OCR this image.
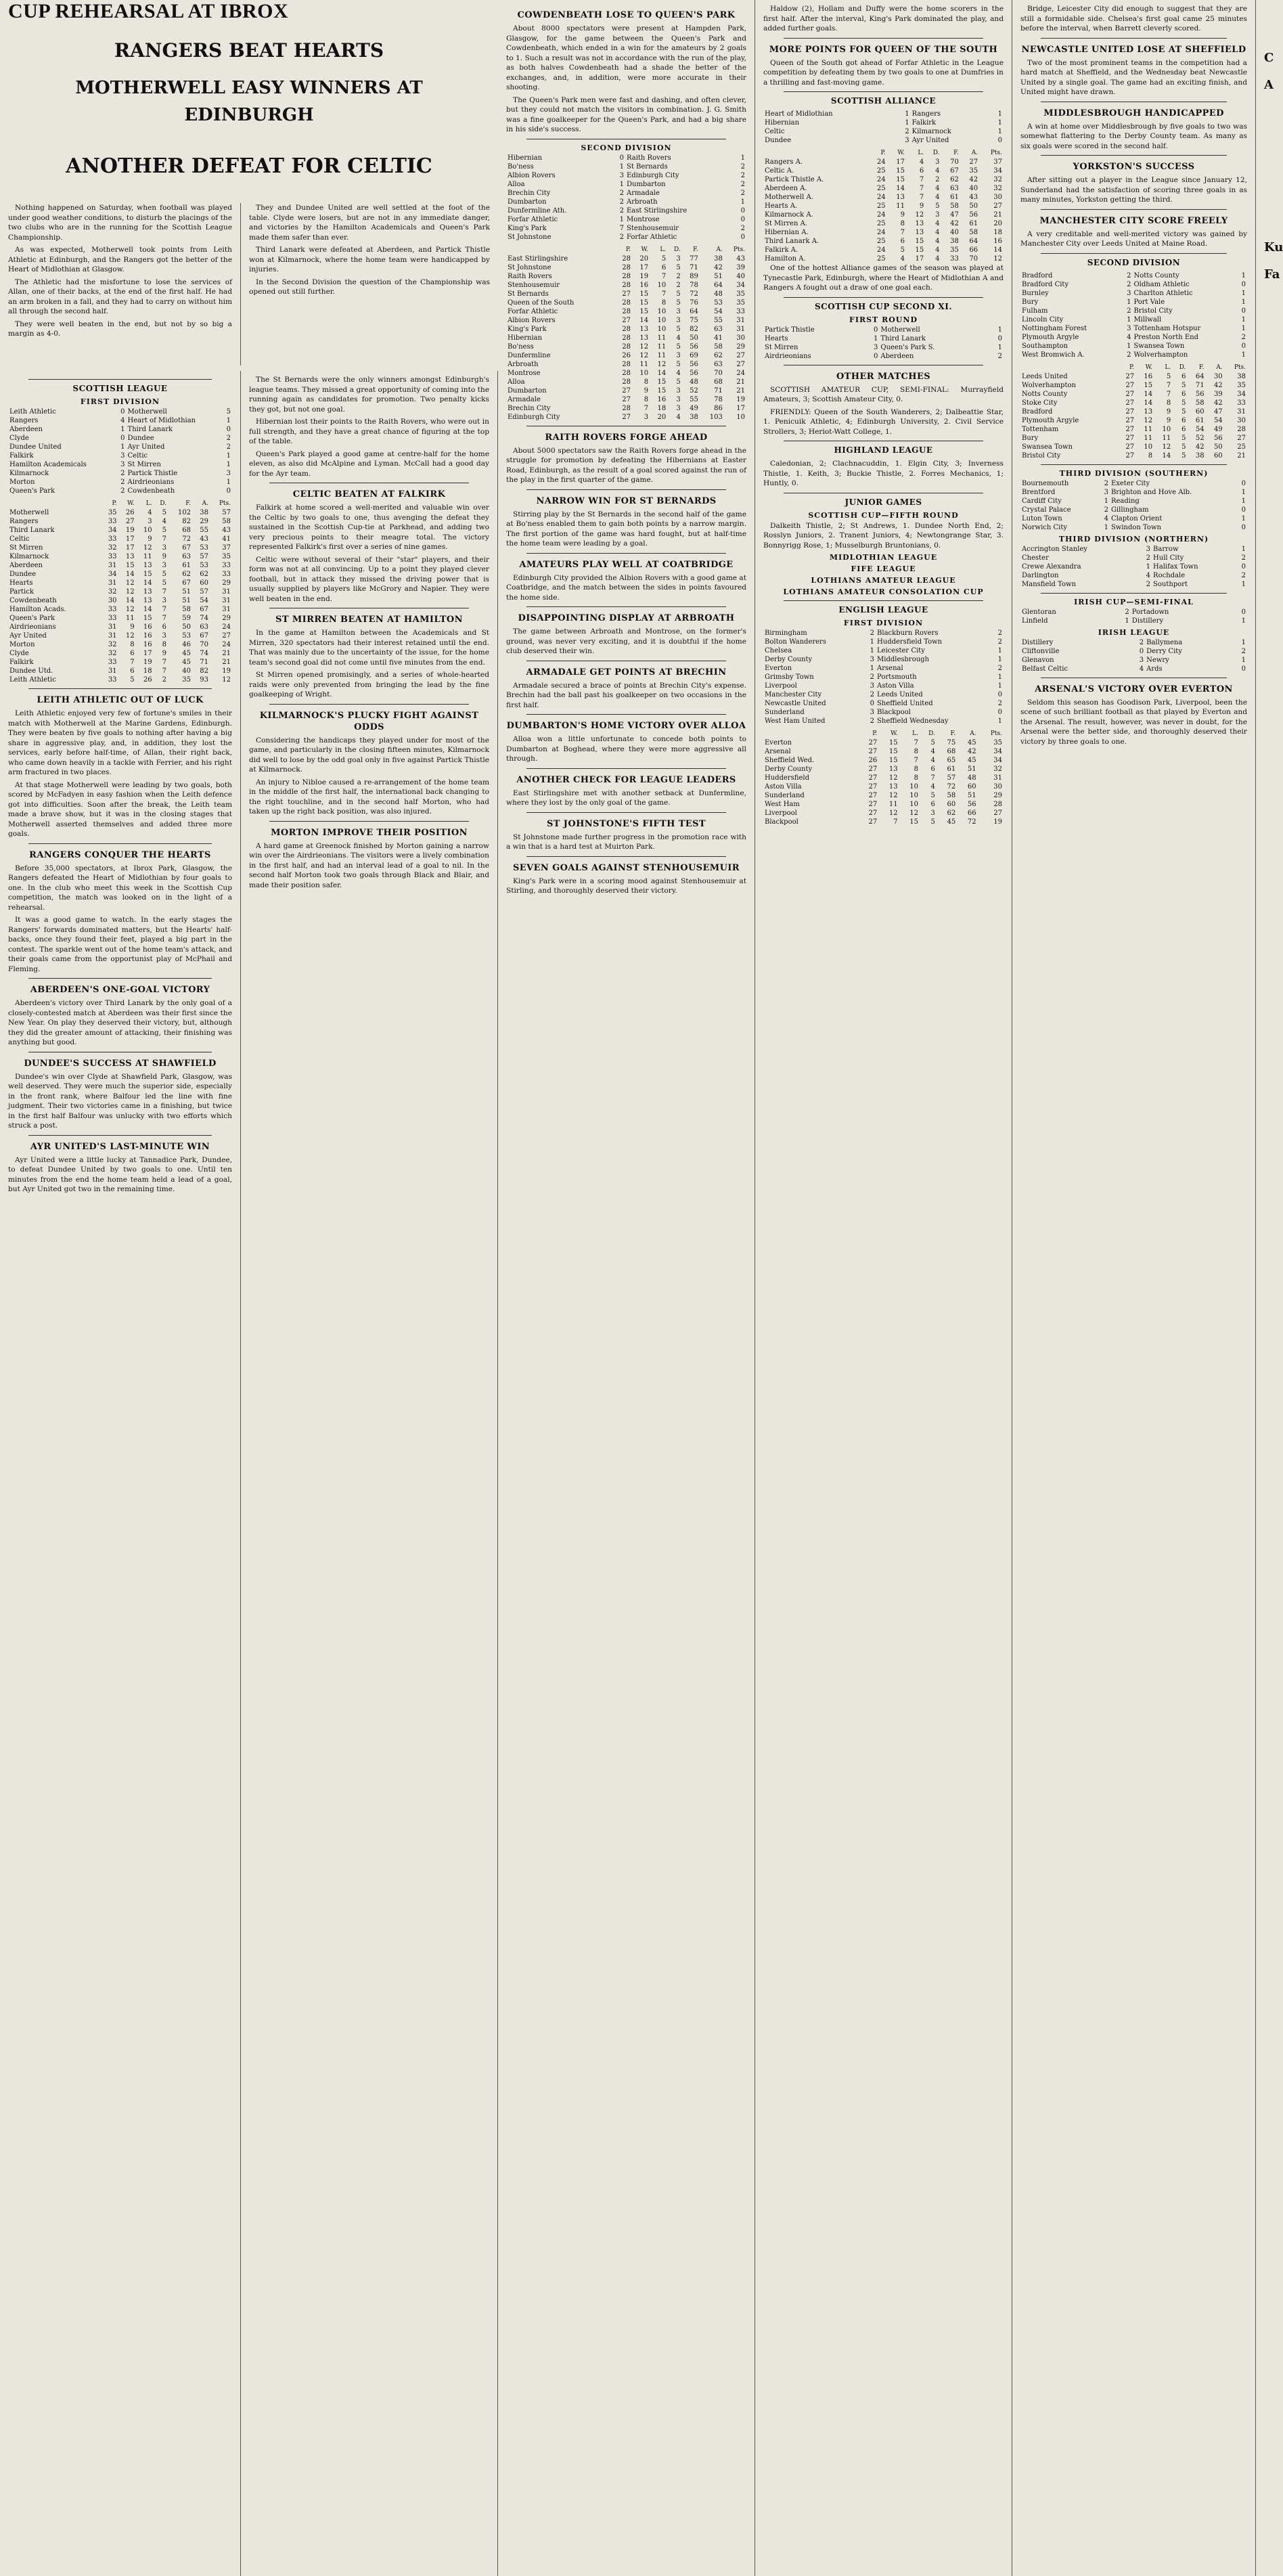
CUP REHEARSAL AT IBROX
RANGERS BEAT HEARTS
MOTHERWELL EASY WINNERS AT EDINBURGH
ANOTHER DEFEAT FOR CELTIC

Nothing happened on Saturday, when football was played under good weather conditions, to disturb the placings of the two clubs who are in the running for the Scottish League Championship.

As was expected, Motherwell took points from Leith Athletic at Edinburgh, and the Rangers got the better of the Heart of Midlothian at Glasgow.

The Athletic had the misfortune to lose the services of Allan, one of their backs, at the end of the first half. He had an arm broken in a fall, and they had to carry on without him all through the second half.

They were well beaten in the end, but not by so big a margin as 4-0.

They and Dundee United are well settled at the foot of the table. Clyde were losers, but are not in any immediate danger, and victories by the Hamilton Academicals and Queen's Park made them safer than ever.

Third Lanark were defeated at Aberdeen, and Partick Thistle won at Kilmarnock, where the home team were handicapped by injuries.

In the Second Division the question of the Championship was opened out still further.

SCOTTISH LEAGUE
FIRST DIVISION
Leith Athletic	0	Motherwell	5
Rangers	4	Heart of Midlothian	1
Aberdeen	1	Third Lanark	0
Clyde	0	Dundee	2
Dundee United	1	Ayr United	2
Falkirk	3	Celtic	1
Hamilton Academicals	3	St Mirren	1
Kilmarnock	2	Partick Thistle	3
Morton	2	Airdrieonians	1
Queen's Park	2	Cowdenbeath	0
	P.	W.	L.	D.	F.	A.	Pts.
Motherwell	35	26	4	5	102	38	57
Rangers	33	27	3	4	82	29	58
Third Lanark	34	19	10	5	68	55	43
Celtic	33	17	9	7	72	43	41
St Mirren	32	17	12	3	67	53	37
Kilmarnock	33	13	11	9	63	57	35
Aberdeen	31	15	13	3	61	53	33
Dundee	34	14	15	5	62	62	33
Hearts	31	12	14	5	67	60	29
Partick	32	12	13	7	51	57	31
Cowdenbeath	30	14	13	3	51	54	31
Hamilton Acads.	33	12	14	7	58	67	31
Queen's Park	33	11	15	7	59	74	29
Airdrieonians	31	9	16	6	50	63	24
Ayr United	31	12	16	3	53	67	27
Morton	32	8	16	8	46	70	24
Clyde	32	6	17	9	45	74	21
Falkirk	33	7	19	7	45	71	21
Dundee Utd.	31	6	18	7	40	82	19
Leith Athletic	33	5	26	2	35	93	12
LEITH ATHLETIC OUT OF LUCK

Leith Athletic enjoyed very few of fortune's smiles in their match with Motherwell at the Marine Gardens, Edinburgh. They were beaten by five goals to nothing after having a big share in aggressive play, and, in addition, they lost the services, early before half-time, of Allan, their right back, who came down heavily in a tackle with Ferrier, and his right arm fractured in two places.

At that stage Motherwell were leading by two goals, both scored by McFadyen in easy fashion when the Leith defence got into difficulties. Soon after the break, the Leith team made a brave show, but it was in the closing stages that Motherwell asserted themselves and added three more goals.

RANGERS CONQUER THE HEARTS

Before 35,000 spectators, at Ibrox Park, Glasgow, the Rangers defeated the Heart of Midlothian by four goals to one. In the club who meet this week in the Scottish Cup competition, the match was looked on in the light of a rehearsal.

It was a good game to watch. In the early stages the Rangers' forwards dominated matters, but the Hearts' half-backs, once they found their feet, played a big part in the contest. The sparkle went out of the home team's attack, and their goals came from the opportunist play of McPhail and Fleming.

ABERDEEN'S ONE-GOAL VICTORY

Aberdeen's victory over Third Lanark by the only goal of a closely-contested match at Aberdeen was their first since the New Year. On play they deserved their victory, but, although they did the greater amount of attacking, their finishing was anything but good.

DUNDEE'S SUCCESS AT SHAWFIELD

Dundee's win over Clyde at Shawfield Park, Glasgow, was well deserved. They were much the superior side, especially in the front rank, where Balfour led the line with fine judgment. Their two victories came in a finishing, but twice in the first half Balfour was unlucky with two efforts which struck a post.

AYR UNITED'S LAST-MINUTE WIN

Ayr United were a little lucky at Tannadice Park, Dundee, to defeat Dundee United by two goals to one. Until ten minutes from the end the home team held a lead of a goal, but Ayr United got two in the remaining time.

The St Bernards were the only winners amongst Edinburgh's league teams. They missed a great opportunity of coming into the running again as candidates for promotion. Two penalty kicks they got, but not one goal.

Hibernian lost their points to the Raith Rovers, who were out in full strength, and they have a great chance of figuring at the top of the table.

Queen's Park played a good game at centre-half for the home eleven, as also did McAlpine and Lyman. McCall had a good day for the Ayr team.

CELTIC BEATEN AT FALKIRK

Falkirk at home scored a well-merited and valuable win over the Celtic by two goals to one, thus avenging the defeat they sustained in the Scottish Cup-tie at Parkhead, and adding two very precious points to their meagre total. The victory represented Falkirk's first over a series of nine games.

Celtic were without several of their "star" players, and their form was not at all convincing. Up to a point they played clever football, but in attack they missed the driving power that is usually supplied by players like McGrory and Napier. They were well beaten in the end.

ST MIRREN BEATEN AT HAMILTON

In the game at Hamilton between the Academicals and St Mirren, 320 spectators had their interest retained until the end. That was mainly due to the uncertainty of the issue, for the home team's second goal did not come until five minutes from the end.

St Mirren opened promisingly, and a series of whole-hearted raids were only prevented from bringing the lead by the fine goalkeeping of Wright.

KILMARNOCK'S PLUCKY FIGHT AGAINST ODDS

Considering the handicaps they played under for most of the game, and particularly in the closing fifteen minutes, Kilmarnock did well to lose by the odd goal only in five against Partick Thistle at Kilmarnock.

An injury to Nibloe caused a re-arrangement of the home team in the middle of the first half, the international back changing to the right touchline, and in the second half Morton, who had taken up the right back position, was also injured.

MORTON IMPROVE THEIR POSITION

A hard game at Greenock finished by Morton gaining a narrow win over the Airdrieonians. The visitors were a lively combination in the first half, and had an interval lead of a goal to nil. In the second half Morton took two goals through Black and Blair, and made their position safer.

COWDENBEATH LOSE TO QUEEN'S PARK

About 8000 spectators were present at Hampden Park, Glasgow, for the game between the Queen's Park and Cowdenbeath, which ended in a win for the amateurs by 2 goals to 1. Such a result was not in accordance with the run of the play, as both halves Cowdenbeath had a shade the better of the exchanges, and, in addition, were more accurate in their shooting.

The Queen's Park men were fast and dashing, and often clever, but they could not match the visitors in combination. J. G. Smith was a fine goalkeeper for the Queen's Park, and had a big share in his side's success.

SECOND DIVISION
Hibernian	0	Raith Rovers	1
Bo'ness	1	St Bernards	2
Albion Rovers	3	Edinburgh City	2
Alloa	1	Dumbarton	2
Brechin City	2	Armadale	2
Dumbarton	2	Arbroath	1
Dunfermline Ath.	2	East Stirlingshire	0
Forfar Athletic	1	Montrose	0
King's Park	7	Stenhousemuir	2
St Johnstone	2	Forfar Athletic	0
	P.	W.	L.	D.	F.	A.	Pts.
East Stirlingshire	28	20	5	3	77	38	43
St Johnstone	28	17	6	5	71	42	39
Raith Rovers	28	19	7	2	89	51	40
Stenhousemuir	28	16	10	2	78	64	34
St Bernards	27	15	7	5	72	48	35
Queen of the South	28	15	8	5	76	53	35
Forfar Athletic	28	15	10	3	64	54	33
Albion Rovers	27	14	10	3	75	55	31
King's Park	28	13	10	5	82	63	31
Hibernian	28	13	11	4	50	41	30
Bo'ness	28	12	11	5	56	58	29
Dunfermline	26	12	11	3	69	62	27
Arbroath	28	11	12	5	56	63	27
Montrose	28	10	14	4	56	70	24
Alloa	28	8	15	5	48	68	21
Dumbarton	27	9	15	3	52	71	21
Armadale	27	8	16	3	55	78	19
Brechin City	28	7	18	3	49	86	17
Edinburgh City	27	3	20	4	38	103	10
RAITH ROVERS FORGE AHEAD

About 5000 spectators saw the Raith Rovers forge ahead in the struggle for promotion by defeating the Hibernians at Easter Road, Edinburgh, as the result of a goal scored against the run of the play in the first quarter of the game.

NARROW WIN FOR ST BERNARDS

Stirring play by the St Bernards in the second half of the game at Bo'ness enabled them to gain both points by a narrow margin. The first portion of the game was hard fought, but at half-time the home team were leading by a goal.

AMATEURS PLAY WELL AT COATBRIDGE

Edinburgh City provided the Albion Rovers with a good game at Coatbridge, and the match between the sides in points favoured the home side.

DISAPPOINTING DISPLAY AT ARBROATH

The game between Arbroath and Montrose, on the former's ground, was never very exciting, and it is doubtful if the home club deserved their win.

ARMADALE GET POINTS AT BRECHIN

Armadale secured a brace of points at Brechin City's expense. Brechin had the ball past his goalkeeper on two occasions in the first half.

DUMBARTON'S HOME VICTORY OVER ALLOA

Alloa won a little unfortunate to concede both points to Dumbarton at Boghead, where they were more aggressive all through.

ANOTHER CHECK FOR LEAGUE LEADERS

East Stirlingshire met with another setback at Dunfermline, where they lost by the only goal of the game.

ST JOHNSTONE'S FIFTH TEST

St Johnstone made further progress in the promotion race with a win that is a hard test at Muirton Park.

SEVEN GOALS AGAINST STENHOUSEMUIR

King's Park were in a scoring mood against Stenhousemuir at Stirling, and thoroughly deserved their victory.

Haldow (2), Hollam and Duffy were the home scorers in the first half. After the interval, King's Park dominated the play, and added further goals.

MORE POINTS FOR QUEEN OF THE SOUTH

Queen of the South got ahead of Forfar Athletic in the League competition by defeating them by two goals to one at Dumfries in a thrilling and fast-moving game.

SCOTTISH ALLIANCE
Heart of Midlothian	1	Rangers	1
Hibernian	1	Falkirk	1
Celtic	2	Kilmarnock	1
Dundee	3	Ayr United	0
	P.	W.	L.	D.	F.	A.	Pts.
Rangers A.	24	17	4	3	70	27	37
Celtic A.	25	15	6	4	67	35	34
Partick Thistle A.	24	15	7	2	62	42	32
Aberdeen A.	25	14	7	4	63	40	32
Motherwell A.	24	13	7	4	61	43	30
Hearts A.	25	11	9	5	58	50	27
Kilmarnock A.	24	9	12	3	47	56	21
St Mirren A.	25	8	13	4	42	61	20
Hibernian A.	24	7	13	4	40	58	18
Third Lanark A.	25	6	15	4	38	64	16
Falkirk A.	24	5	15	4	35	66	14
Hamilton A.	25	4	17	4	33	70	12

One of the hottest Alliance games of the season was played at Tynecastle Park, Edinburgh, where the Heart of Midlothian A and Rangers A fought out a draw of one goal each.

SCOTTISH CUP SECOND XI.
FIRST ROUND
Partick Thistle	0	Motherwell	1
Hearts	1	Third Lanark	0
St Mirren	3	Queen's Park S.	1
Airdrieonians	0	Aberdeen	2
OTHER MATCHES

SCOTTISH AMATEUR CUP, SEMI-FINAL: Murrayfield Amateurs, 3; Scottish Amateur City, 0.

FRIENDLY: Queen of the South Wanderers, 2; Dalbeattie Star, 1. Penicuik Athletic, 4; Edinburgh University, 2. Civil Service Strollers, 3; Heriot-Watt College, 1.

HIGHLAND LEAGUE

Caledonian, 2; Clachnacuddin, 1. Elgin City, 3; Inverness Thistle, 1. Keith, 3; Buckie Thistle, 2. Forres Mechanics, 1; Huntly, 0.

JUNIOR GAMES
SCOTTISH CUP—FIFTH ROUND

Dalkeith Thistle, 2; St Andrews, 1. Dundee North End, 2; Rosslyn Juniors, 2. Tranent Juniors, 4; Newtongrange Star, 3. Bonnyrigg Rose, 1; Musselburgh Bruntonians, 0.

MIDLOTHIAN LEAGUE
FIFE LEAGUE
LOTHIANS AMATEUR LEAGUE
LOTHIANS AMATEUR CONSOLATION CUP
ENGLISH LEAGUE
FIRST DIVISION
Birmingham	2	Blackburn Rovers	2
Bolton Wanderers	1	Huddersfield Town	2
Chelsea	1	Leicester City	1
Derby County	3	Middlesbrough	1
Everton	1	Arsenal	2
Grimsby Town	2	Portsmouth	1
Liverpool	3	Aston Villa	1
Manchester City	2	Leeds United	0
Newcastle United	0	Sheffield United	2
Sunderland	3	Blackpool	0
West Ham United	2	Sheffield Wednesday	1
	P.	W.	L.	D.	F.	A.	Pts.
Everton	27	15	7	5	75	45	35
Arsenal	27	15	8	4	68	42	34
Sheffield Wed.	26	15	7	4	65	45	34
Derby County	27	13	8	6	61	51	32
Huddersfield	27	12	8	7	57	48	31
Aston Villa	27	13	10	4	72	60	30
Sunderland	27	12	10	5	58	51	29
West Ham	27	11	10	6	60	56	28
Liverpool	27	12	12	3	62	66	27
Blackpool	27	7	15	5	45	72	19

Bridge, Leicester City did enough to suggest that they are still a formidable side. Chelsea's first goal came 25 minutes before the interval, when Barrett cleverly scored.

NEWCASTLE UNITED LOSE AT SHEFFIELD

Two of the most prominent teams in the competition had a hard match at Sheffield, and the Wednesday beat Newcastle United by a single goal. The game had an exciting finish, and United might have drawn.

MIDDLESBROUGH HANDICAPPED

A win at home over Middlesbrough by five goals to two was somewhat flattering to the Derby County team. As many as six goals were scored in the second half.

YORKSTON'S SUCCESS

After sitting out a player in the League since January 12, Sunderland had the satisfaction of scoring three goals in as many minutes, Yorkston getting the third.

MANCHESTER CITY SCORE FREELY

A very creditable and well-merited victory was gained by Manchester City over Leeds United at Maine Road.

SECOND DIVISION
Bradford	2	Notts County	1
Bradford City	2	Oldham Athletic	0
Burnley	3	Charlton Athletic	1
Bury	1	Port Vale	1
Fulham	2	Bristol City	0
Lincoln City	1	Millwall	1
Nottingham Forest	3	Tottenham Hotspur	1
Plymouth Argyle	4	Preston North End	2
Southampton	1	Swansea Town	0
West Bromwich A.	2	Wolverhampton	1
	P.	W.	L.	D.	F.	A.	Pts.
Leeds United	27	16	5	6	64	30	38
Wolverhampton	27	15	7	5	71	42	35
Notts County	27	14	7	6	56	39	34
Stoke City	27	14	8	5	58	42	33
Bradford	27	13	9	5	60	47	31
Plymouth Argyle	27	12	9	6	61	54	30
Tottenham	27	11	10	6	54	49	28
Bury	27	11	11	5	52	56	27
Swansea Town	27	10	12	5	42	50	25
Bristol City	27	8	14	5	38	60	21
THIRD DIVISION (SOUTHERN)
Bournemouth	2	Exeter City	0
Brentford	3	Brighton and Hove Alb.	1
Cardiff City	1	Reading	1
Crystal Palace	2	Gillingham	0
Luton Town	4	Clapton Orient	1
Norwich City	1	Swindon Town	0
THIRD DIVISION (NORTHERN)
Accrington Stanley	3	Barrow	1
Chester	2	Hull City	2
Crewe Alexandra	1	Halifax Town	0
Darlington	4	Rochdale	2
Mansfield Town	2	Southport	1
IRISH CUP—SEMI-FINAL
Glentoran	2	Portadown	0
Linfield	1	Distillery	1
IRISH LEAGUE
Distillery	2	Ballymena	1
Cliftonville	0	Derry City	2
Glenavon	3	Newry	1
Belfast Celtic	4	Ards	0
ARSENAL'S VICTORY OVER EVERTON

Seldom this season has Goodison Park, Liverpool, been the scene of such brilliant football as that played by Everton and the Arsenal. The result, however, was never in doubt, for the Arsenal were the better side, and thoroughly deserved their victory by three goals to one.

C
A
Ku
Fa
